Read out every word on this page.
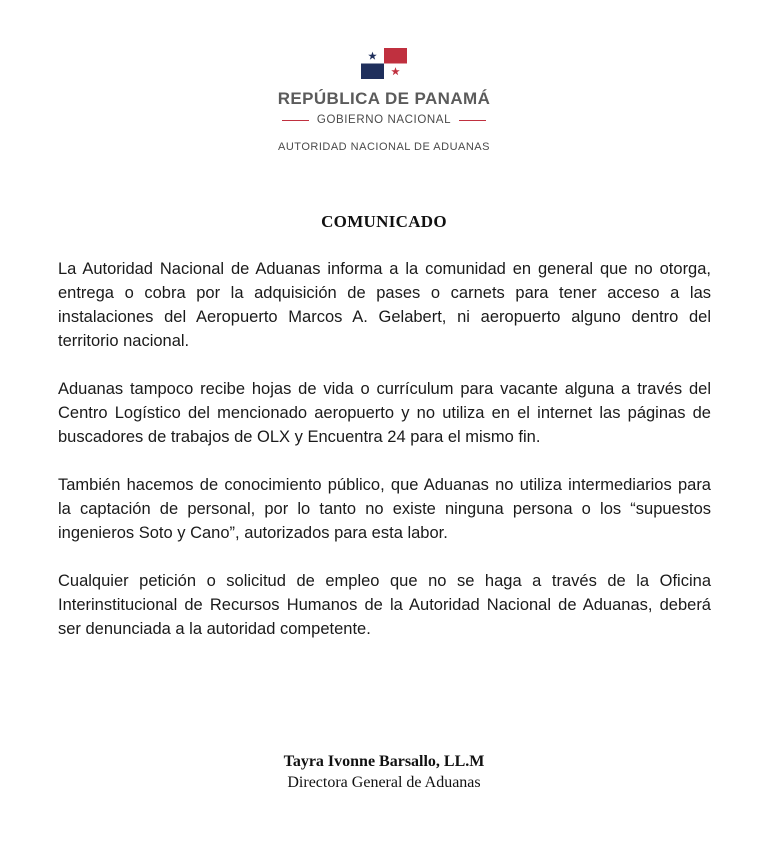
REPÚBLICA DE PANAMÁ
GOBIERNO NACIONAL
AUTORIDAD NACIONAL DE ADUANAS
COMUNICADO

La Autoridad Nacional de Aduanas informa a la comunidad en general que no otorga, entrega o cobra por la adquisición de pases o carnets para tener acceso a las instalaciones del Aeropuerto Marcos A. Gelabert, ni aeropuerto alguno dentro del territorio nacional.

Aduanas tampoco recibe hojas de vida o currículum para vacante alguna a través del Centro Logístico del mencionado aeropuerto y no utiliza en el internet las páginas de buscadores de trabajos de OLX y Encuentra 24 para el mismo fin.

También hacemos de conocimiento público, que Aduanas no utiliza intermediarios para la captación de personal, por lo tanto no existe ninguna persona o los “supuestos ingenieros Soto y Cano”, autorizados para esta labor.

Cualquier petición o solicitud de empleo que no se haga a través de la Oficina Interinstitucional de Recursos Humanos de la Autoridad Nacional de Aduanas, deberá ser denunciada a la autoridad competente.

Tayra Ivonne Barsallo, LL.M
Directora General de Aduanas
